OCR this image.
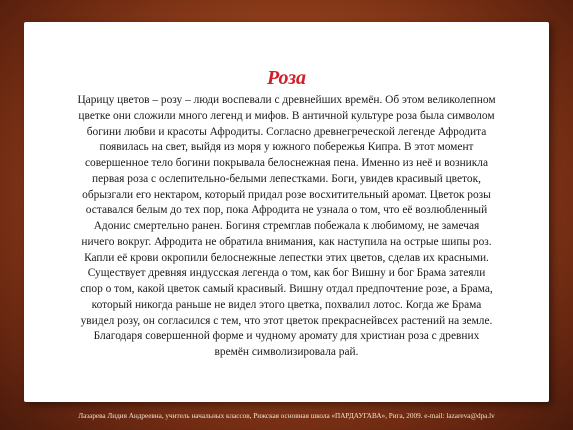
Роза
Царицу цветов – розу – люди воспевали с древнейших времён. Об этом великолепном
цветке они сложили много легенд и мифов. В античной культуре роза была символом
богини любви и красоты Афродиты. Согласно древнегреческой легенде Афродита
появилась на свет, выйдя из моря у южного побережья Кипра. В этот момент
совершенное тело богини покрывала белоснежная пена. Именно из неё и возникла
первая роза с ослепительно-белыми лепестками. Боги, увидев красивый цветок,
обрызгали его нектаром, который придал розе восхитительный аромат. Цветок розы
оставался белым до тех пор, пока Афродита не узнала о том, что её возлюбленный
Адонис смертельно ранен. Богиня стремглав побежала к любимому, не замечая
ничего вокруг. Афродита не обратила внимания, как наступила на острые шипы роз.
Капли её крови окропили белоснежные лепестки этих цветов, сделав их красными.
Существует древняя индусская легенда о том, как бог Вишну и бог Брама затеяли
спор о том, какой цветок самый красивый. Вишну отдал предпочтение розе, а Брама,
который никогда раньше не видел этого цветка, похвалил лотос. Когда же Брама
увидел розу, он согласился с тем, что этот цветок прекраснейвсех растений на земле.
Благодаря совершенной форме и чудному аромату для христиан роза с древних
времён символизировала рай.
Лазарева Лидия Андреевна, учитель начальных классов, Рижская основная школа «ПАРДАУГАВА», Рига, 2009. e-mail: lazareva@dpa.lv
